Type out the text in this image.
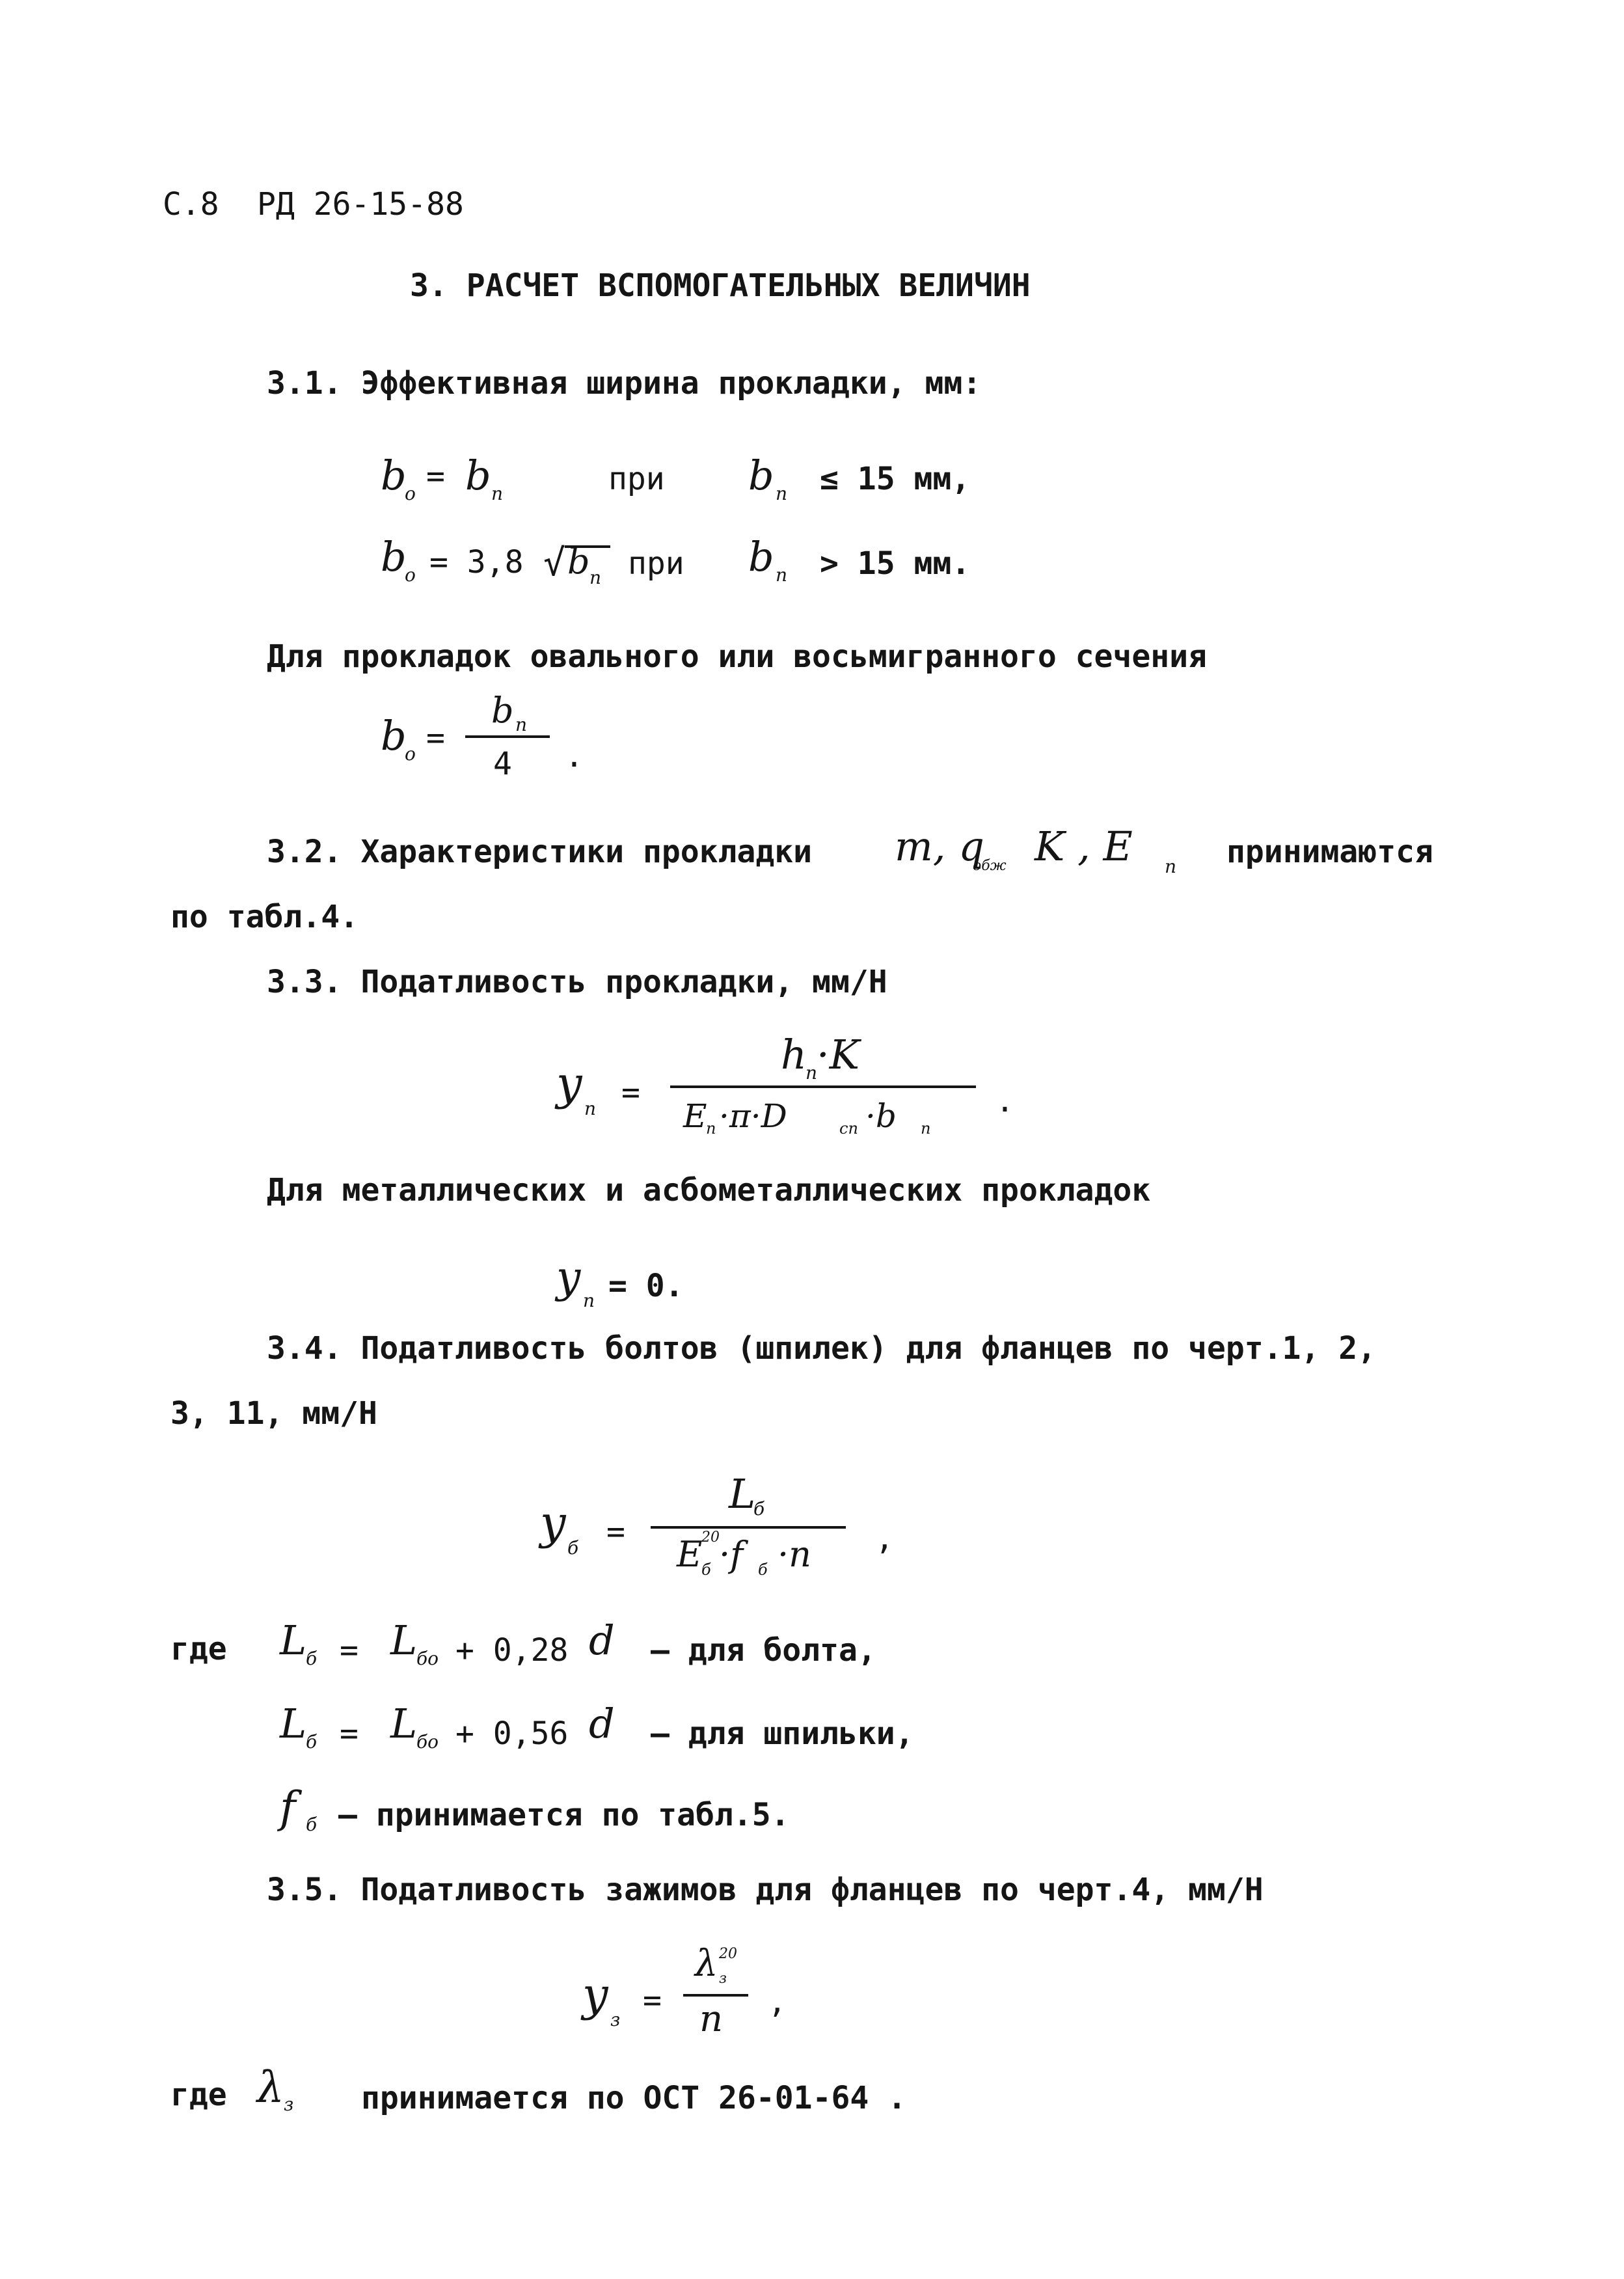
С.8 РД 26-15-88
3. РАСЧЕТ ВСПОМОГАТЕЛЬНЫХ ВЕЛИЧИН
3.1. Эффективная ширина прокладки, мм:
b
о = b п	при b п ≤ 15 мм,
b
о = 3,8 √ b п при b п > 15 мм.
Для прокладок овального или восьмигранного сечения
b
о =
b п
4 .
3.2. Характеристики прокладки m, q
обж K , E п принимаются
по табл.4.
3.3. Податливость прокладки, мм/Н
y п =
h
п
·K
E
п ·π·D	сп ·b п
.
Для металлических и асбометаллических прокладок
y п = 0.
3.4. Податливость болтов (шпилек) для фланцев по черт.1, 2,
3, 11, мм/Н
y б =
L
б
E
20
б ·f б ·n ,
где L
б = L
бо + 0,28 d – для болта,
L
б = L
бо + 0,56 d – для шпильки,
f б – принимается по табл.5.
3.5. Податливость зажимов для фланцев по черт.4, мм/Н
y з
=
λ 20
з
n ,
где λ з принимается по ОСТ 26-01-64 .
